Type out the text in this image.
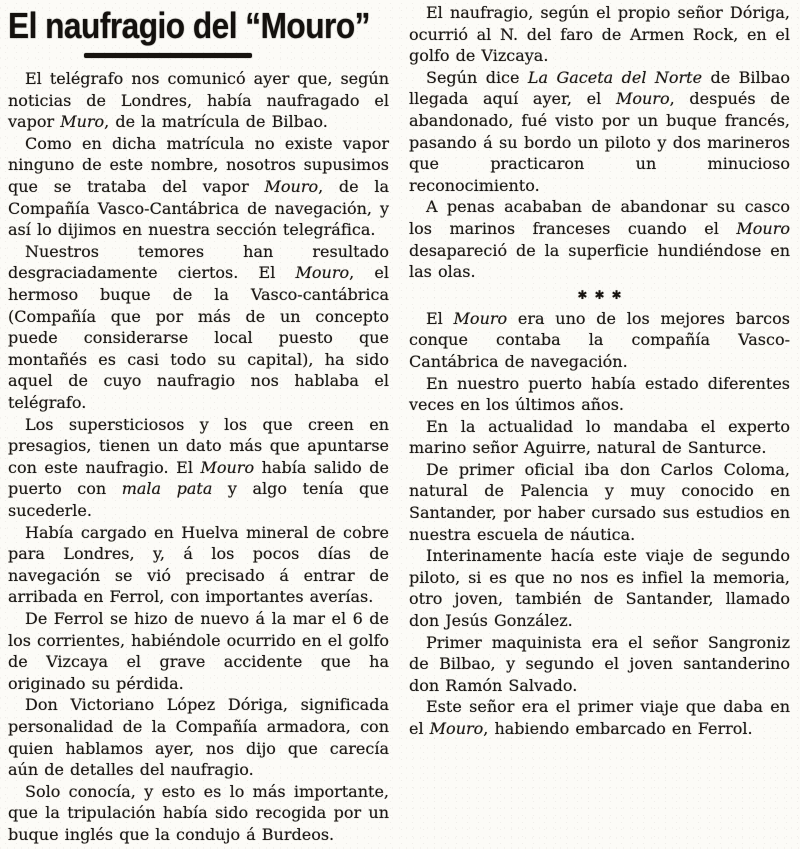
El naufragio del “Mouro”

El telégrafo nos comunicó ayer que, según noticias de Londres, había naufragado el vapor Muro, de la matrícula de Bilbao.

Como en dicha matrícula no existe vapor ninguno de este nombre, nosotros supusimos que se trataba del vapor Mouro, de la Compañía Vasco-Cantábrica de navegación, y así lo dijimos en nuestra sección telegráfica.

Nuestros temores han resultado desgraciadamente ciertos. El Mouro, el hermoso buque de la Vasco-cantábrica (Compañía que por más de un concepto puede considerarse local puesto que montañés es casi todo su capital), ha sido aquel de cuyo naufragio nos hablaba el telégrafo.

Los supersticiosos y los que creen en presagios, tienen un dato más que apuntarse con este naufragio. El Mouro había salido de puerto con mala pata y algo tenía que sucederle.

Había cargado en Huelva mineral de cobre para Londres, y, á los pocos días de navegación se vió precisado á entrar de arribada en Ferrol, con importantes averías.

De Ferrol se hizo de nuevo á la mar el 6 de los corrientes, habiéndole ocurrido en el golfo de Vizcaya el grave accidente que ha originado su pérdida.

Don Victoriano López Dóriga, significada personalidad de la Compañía armadora, con quien hablamos ayer, nos dijo que carecía aún de detalles del naufragio.

Solo conocía, y esto es lo más importante, que la tripulación había sido recogida por un buque inglés que la condujo á Burdeos.

El naufragio, según el propio señor Dóriga, ocurrió al N. del faro de Armen Rock, en el golfo de Vizcaya.

Según dice La Gaceta del Norte de Bilbao llegada aquí ayer, el Mouro, después de abandonado, fué visto por un buque francés, pasando á su bordo un piloto y dos marineros que practicaron un minucioso reconocimiento.

A penas acababan de abandonar su casco los marinos franceses cuando el Mouro desapareció de la superficie hundiéndose en las olas.

✱✱✱

El Mouro era uno de los mejores barcos conque contaba la compañía Vasco-Cantábrica de navegación.

En nuestro puerto había estado diferentes veces en los últimos años.

En la actualidad lo mandaba el experto marino señor Aguirre, natural de Santurce.

De primer oficial iba don Carlos Coloma, natural de Palencia y muy conocido en Santander, por haber cursado sus estudios en nuestra escuela de náutica.

Interinamente hacía este viaje de segundo piloto, si es que no nos es infiel la memoria, otro joven, también de Santander, llamado don Jesús González.

Primer maquinista era el señor Sangroniz de Bilbao, y segundo el joven santanderino don Ramón Salvado.

Este señor era el primer viaje que daba en el Mouro, habiendo embarcado en Ferrol.
